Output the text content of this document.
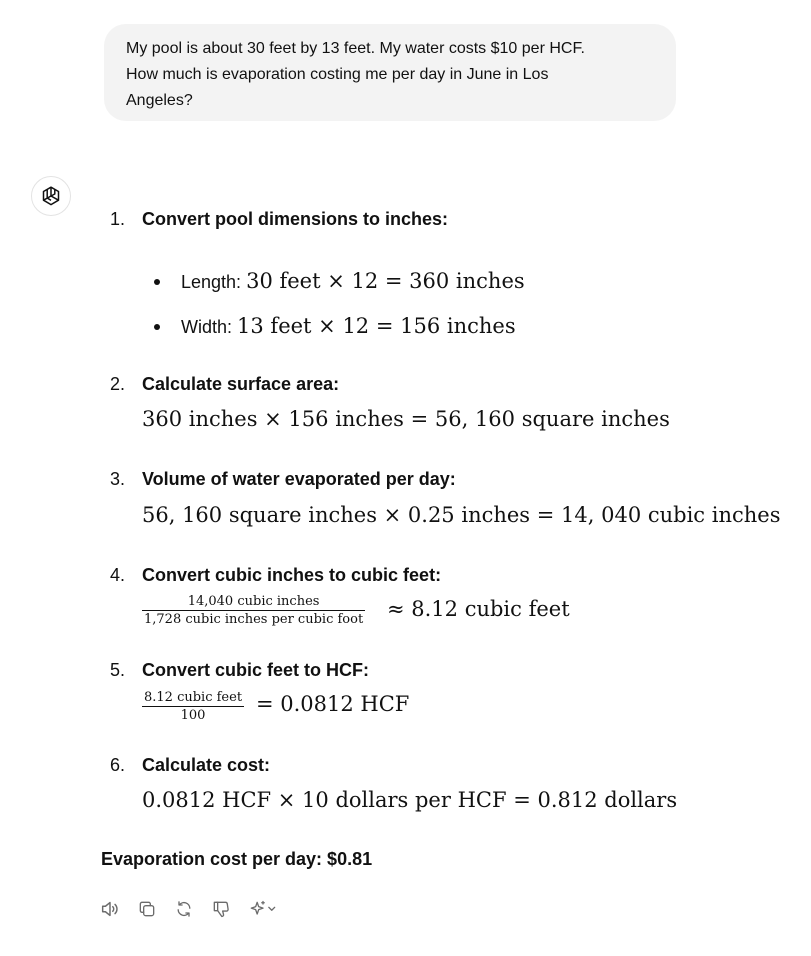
My pool is about 30 feet by 13 feet. My water costs $10 per HCF.
How much is evaporation costing me per day in June in Los
Angeles?
1. Convert pool dimensions to inches:
Length: 30 feet × 12 = 360 inches
Width: 13 feet × 12 = 156 inches
2. Calculate surface area:
360 inches × 156 inches = 56, 160 square inches
3. Volume of water evaporated per day:
56, 160 square inches × 0.25 inches = 14, 040 cubic inches
4. Convert cubic inches to cubic feet:
14,040 cubic inches
1,728 cubic inches per cubic foot ≈ 8.12 cubic feet
5. Convert cubic feet to HCF:
8.12 cubic feet
100 = 0.0812 HCF
6. Calculate cost:
0.0812 HCF × 10 dollars per HCF = 0.812 dollars
Evaporation cost per day: $0.81
